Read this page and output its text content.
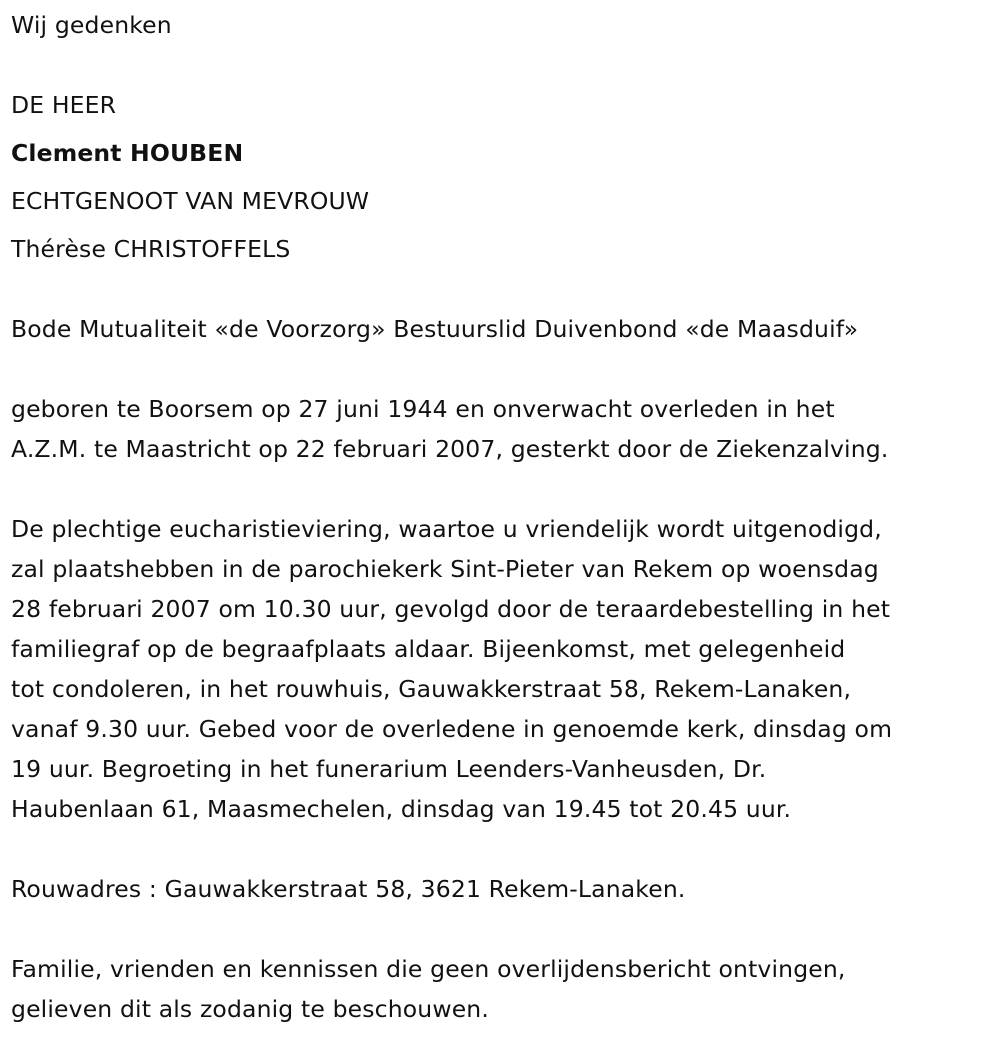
Wij gedenken
DE HEER
Clement HOUBEN
ECHTGENOOT VAN MEVROUW
Thérèse CHRISTOFFELS
Bode Mutualiteit «de Voorzorg» Bestuurslid Duivenbond «de Maasduif»
geboren te Boorsem op 27 juni 1944 en onverwacht overleden in het
A.Z.M. te Maastricht op 22 februari 2007, gesterkt door de Ziekenzalving.
De plechtige eucharistieviering, waartoe u vriendelijk wordt uitgenodigd,
zal plaatshebben in de parochiekerk Sint-Pieter van Rekem op woensdag
28 februari 2007 om 10.30 uur, gevolgd door de teraardebestelling in het
familiegraf op de begraafplaats aldaar. Bijeenkomst, met gelegenheid
tot condoleren, in het rouwhuis, Gauwakkerstraat 58, Rekem-Lanaken,
vanaf 9.30 uur. Gebed voor de overledene in genoemde kerk, dinsdag om
19 uur. Begroeting in het funerarium Leenders-Vanheusden, Dr.
Haubenlaan 61, Maasmechelen, dinsdag van 19.45 tot 20.45 uur.
Rouwadres : Gauwakkerstraat 58, 3621 Rekem-Lanaken.
Familie, vrienden en kennissen die geen overlijdensbericht ontvingen,
gelieven dit als zodanig te beschouwen.
